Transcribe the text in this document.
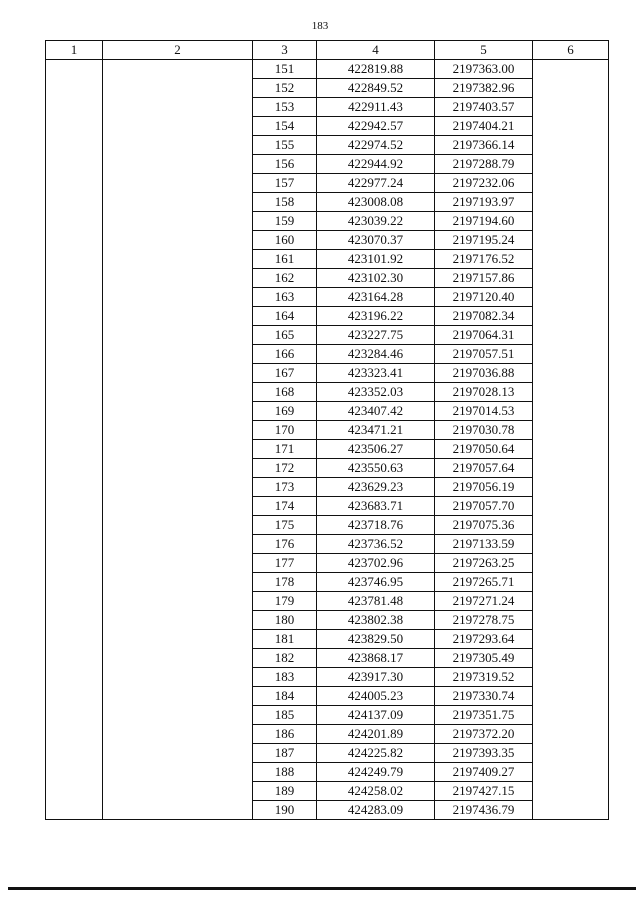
183
1	2	3	4	5	6
		151	422819.88	2197363.00	
		152	422849.52	2197382.96	
		153	422911.43	2197403.57	
		154	422942.57	2197404.21	
		155	422974.52	2197366.14	
		156	422944.92	2197288.79	
		157	422977.24	2197232.06	
		158	423008.08	2197193.97	
		159	423039.22	2197194.60	
		160	423070.37	2197195.24	
		161	423101.92	2197176.52	
		162	423102.30	2197157.86	
		163	423164.28	2197120.40	
		164	423196.22	2197082.34	
		165	423227.75	2197064.31	
		166	423284.46	2197057.51	
		167	423323.41	2197036.88	
		168	423352.03	2197028.13	
		169	423407.42	2197014.53	
		170	423471.21	2197030.78	
		171	423506.27	2197050.64	
		172	423550.63	2197057.64	
		173	423629.23	2197056.19	
		174	423683.71	2197057.70	
		175	423718.76	2197075.36	
		176	423736.52	2197133.59	
		177	423702.96	2197263.25	
		178	423746.95	2197265.71	
		179	423781.48	2197271.24	
		180	423802.38	2197278.75	
		181	423829.50	2197293.64	
		182	423868.17	2197305.49	
		183	423917.30	2197319.52	
		184	424005.23	2197330.74	
		185	424137.09	2197351.75	
		186	424201.89	2197372.20	
		187	424225.82	2197393.35	
		188	424249.79	2197409.27	
		189	424258.02	2197427.15	
		190	424283.09	2197436.79	
